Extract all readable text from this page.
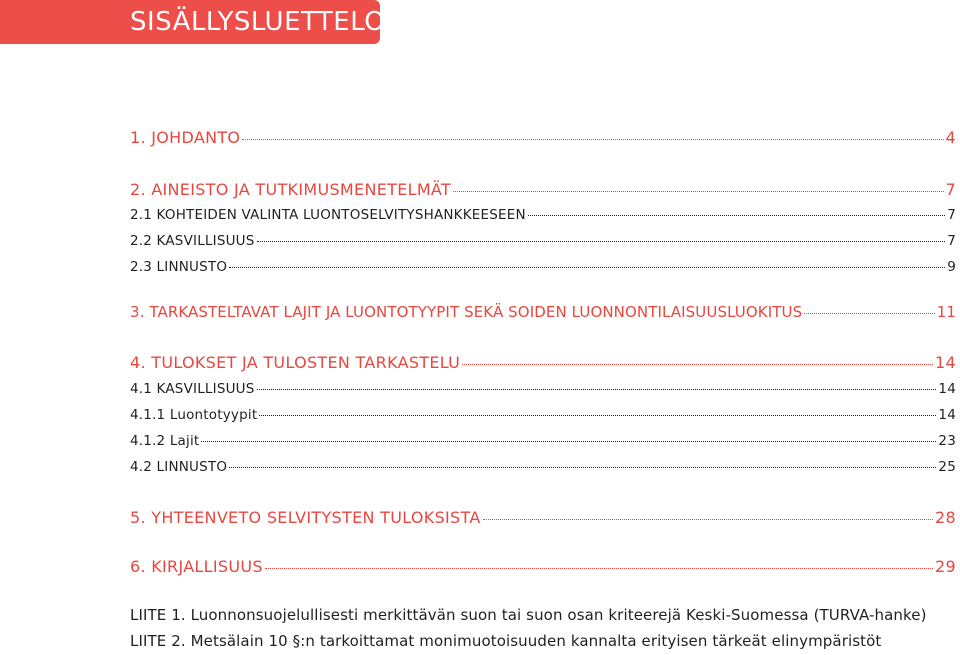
SISÄLLYSLUETTELO
1. JOHDANTO	4
2. AINEISTO JA TUTKIMUSMENETELMÄT	7
2.1 KOHTEIDEN VALINTA LUONTOSELVITYSHANKKEESEEN	7
2.2 KASVILLISUUS	7
2.3 LINNUSTO	9
3. TARKASTELTAVAT LAJIT JA LUONTOTYYPIT SEKÄ SOIDEN LUONNONTILAISUUSLUOKITUS	11
4. TULOKSET JA TULOSTEN TARKASTELU	14
4.1 KASVILLISUUS	14
4.1.1 Luontotyypit	14
4.1.2 Lajit	23
4.2 LINNUSTO	25
5. YHTEENVETO SELVITYSTEN TULOKSISTA	28
6. KIRJALLISUUS	29
LIITE 1. Luonnonsuojelullisesti merkittävän suon tai suon osan kriteerejä Keski-Suomessa (TURVA-hanke)
LIITE 2. Metsälain 10 §:n tarkoittamat monimuotoisuuden kannalta erityisen tärkeät elinympäristöt
